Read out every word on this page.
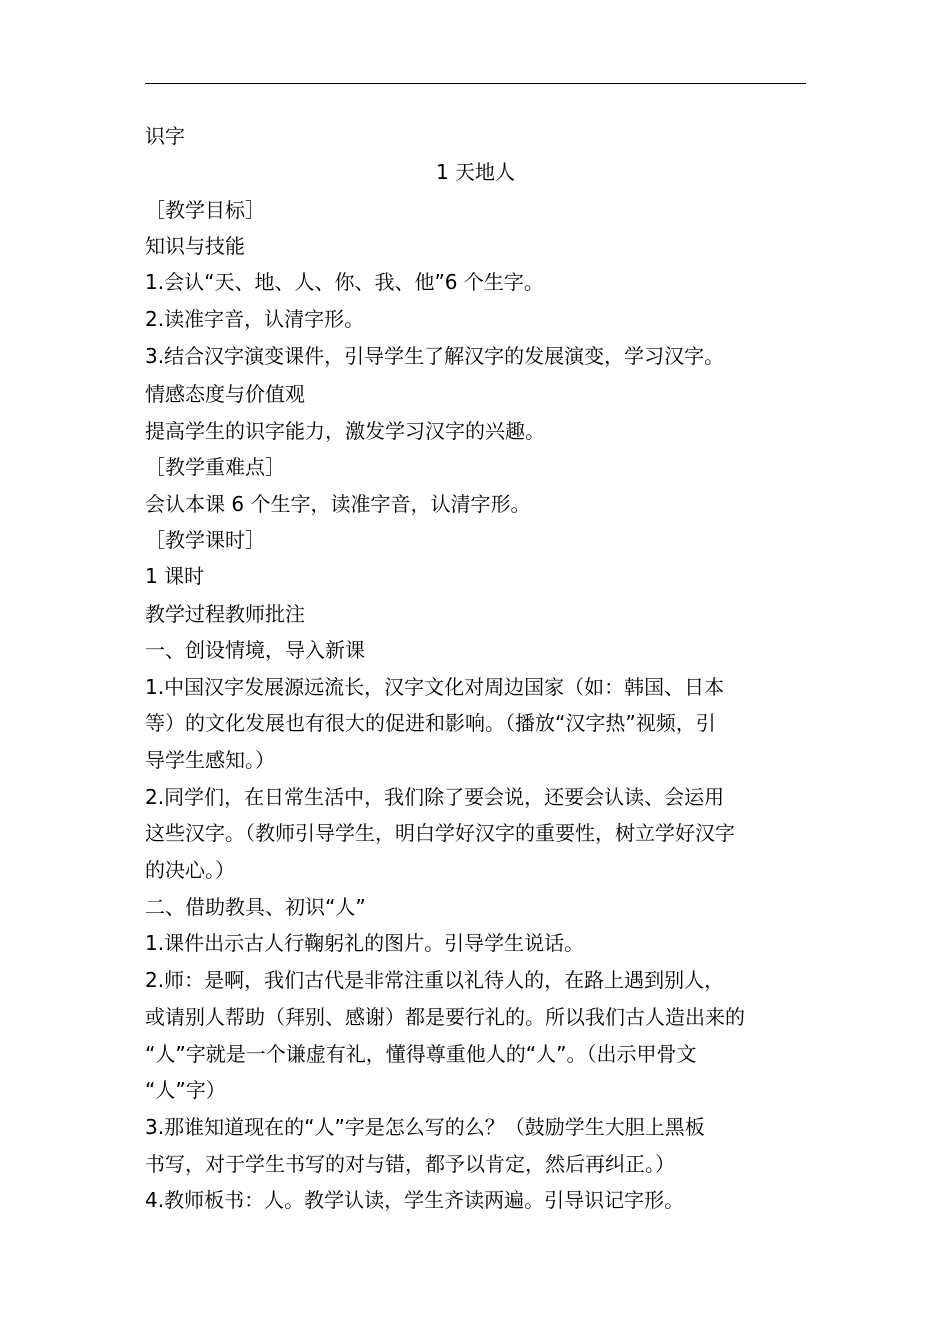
识字
1 天地人
［教学目标］
知识与技能
1.会认“天、地、人、你、我、他”6 个生字。
2.读准字音，认清字形。
3.结合汉字演变课件，引导学生了解汉字的发展演变，学习汉字。
情感态度与价值观
提高学生的识字能力，激发学习汉字的兴趣。
［教学重难点］
会认本课 6 个生字，读准字音，认清字形。
［教学课时］
1 课时
教学过程教师批注
一、创设情境，导入新课
1.中国汉字发展源远流长，汉字文化对周边国家（如：韩国、日本
等）的文化发展也有很大的促进和影响。（播放“汉字热”视频，引
导学生感知。）
2.同学们，在日常生活中，我们除了要会说，还要会认读、会运用
这些汉字。（教师引导学生，明白学好汉字的重要性，树立学好汉字
的决心。）
二、借助教具、初识“人”
1.课件出示古人行鞠躬礼的图片。引导学生说话。
2.师：是啊，我们古代是非常注重以礼待人的，在路上遇到别人，
或请别人帮助（拜别、感谢）都是要行礼的。所以我们古人造出来的
“人”字就是一个谦虚有礼，懂得尊重他人的“人”。（出示甲骨文
“人”字）
3.那谁知道现在的“人”字是怎么写的么？（鼓励学生大胆上黑板
书写，对于学生书写的对与错，都予以肯定，然后再纠正。）
4.教师板书：人。教学认读，学生齐读两遍。引导识记字形。
